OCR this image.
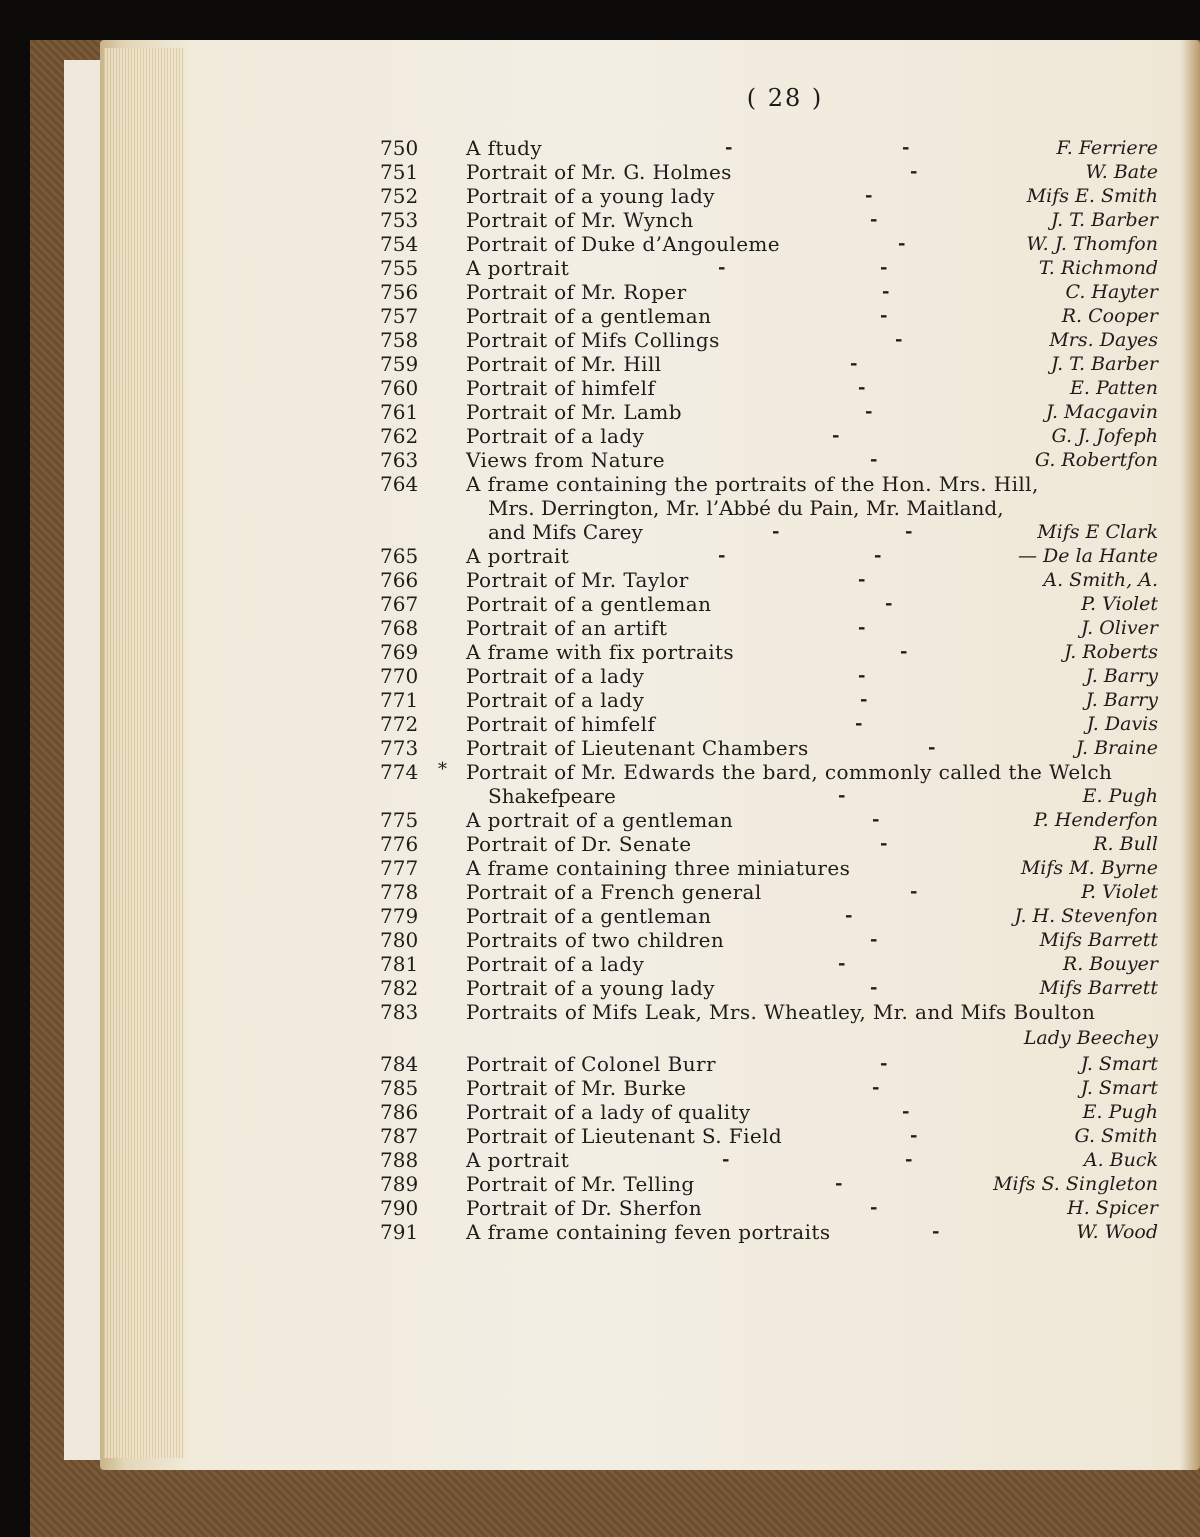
( 28 )
750	A ftudy	-	-	F. Ferriere
751	Portrait of Mr. G. Holmes	-	W. Bate
752	Portrait of a young lady	-	Mifs E. Smith
753	Portrait of Mr. Wynch	-	J. T. Barber
754	Portrait of Duke d’Angouleme	-	W. J. Thomfon
755	A portrait	-	-	T. Richmond
756	Portrait of Mr. Roper	-	C. Hayter
757	Portrait of a gentleman	-	R. Cooper
758	Portrait of Mifs Collings	-	Mrs. Dayes
759	Portrait of Mr. Hill	-	J. T. Barber
760	Portrait of himfelf	-	E. Patten
761	Portrait of Mr. Lamb	-	J. Macgavin
762	Portrait of a lady	-	G. J. Jofeph
763	Views from Nature	-	G. Robertfon
764	A frame containing the portraits of the Hon. Mrs. Hill,
Mrs. Derrington, Mr. l’Abbé du Pain, Mr. Maitland,
and Mifs Carey	-	-	Mifs E Clark
765	A portrait	-	-	— De la Hante
766	Portrait of Mr. Taylor	-	A. Smith, A.
767	Portrait of a gentleman	-	P. Violet
768	Portrait of an artift	-	J. Oliver
769	A frame with fix portraits	-	J. Roberts
770	Portrait of a lady	-	J. Barry
771	Portrait of a lady	-	J. Barry
772	Portrait of himfelf	-	J. Davis
773	Portrait of Lieutenant Chambers	-	J. Braine
774	* Portrait of Mr. Edwards the bard, commonly called the Welch
Shakefpeare	-	E. Pugh
775	A portrait of a gentleman	-	P. Henderfon
776	Portrait of Dr. Senate	-	R. Bull
777	A frame containing three miniatures	Mifs M. Byrne
778	Portrait of a French general	-	P. Violet
779	Portrait of a gentleman	-	J. H. Stevenfon
780	Portraits of two children	-	Mifs Barrett
781	Portrait of a lady	-	R. Bouyer
782	Portrait of a young lady	-	Mifs Barrett
783	Portraits of Mifs Leak, Mrs. Wheatley, Mr. and Mifs Boulton
Lady Beechey
784	Portrait of Colonel Burr	-	J. Smart
785	Portrait of Mr. Burke	-	J. Smart
786	Portrait of a lady of quality	-	E. Pugh
787	Portrait of Lieutenant S. Field	-	G. Smith
788	A portrait	-	-	A. Buck
789	Portrait of Mr. Telling	-	Mifs S. Singleton
790	Portrait of Dr. Sherfon	-	H. Spicer
791	A frame containing feven portraits	-	W. Wood
